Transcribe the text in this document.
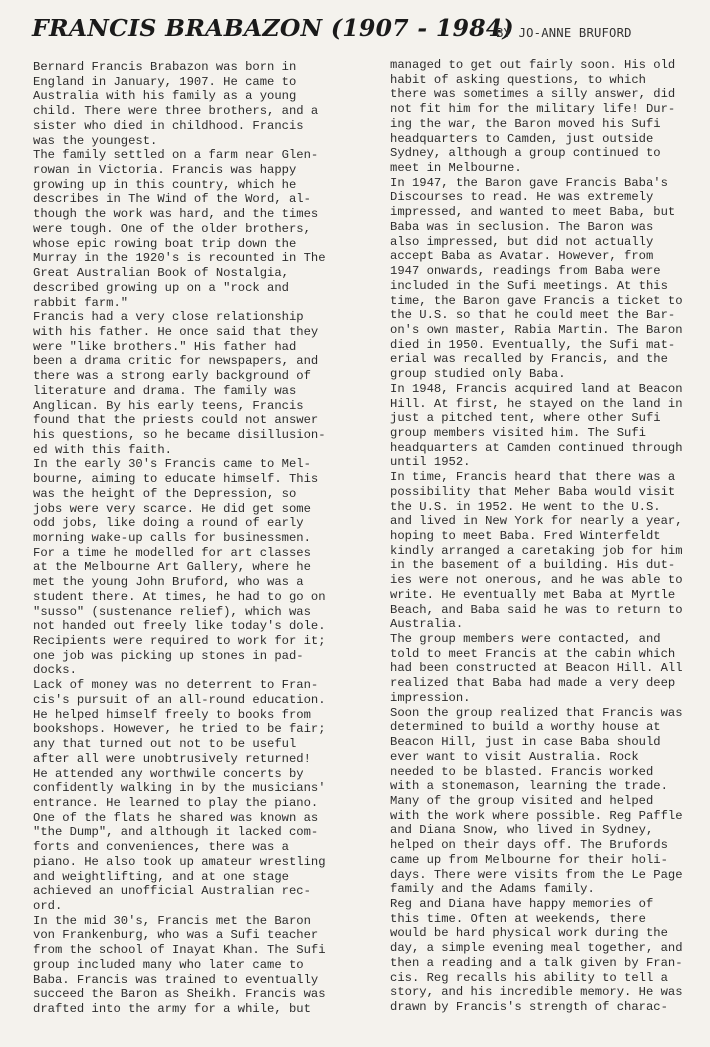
FRANCIS BRABAZON (1907 - 1984)
BY JO-ANNE BRUFORD
Bernard Francis Brabazon was born in
England in January, 1907. He came to
Australia with his family as a young
child. There were three brothers, and a
sister who died in childhood. Francis
was the youngest.
The family settled on a farm near Glen-
rowan in Victoria. Francis was happy
growing up in this country, which he
describes in The Wind of the Word, al-
though the work was hard, and the times
were tough. One of the older brothers,
whose epic rowing boat trip down the
Murray in the 1920's is recounted in The
Great Australian Book of Nostalgia,
described growing up on a "rock and
rabbit farm."
Francis had a very close relationship
with his father. He once said that they
were "like brothers." His father had
been a drama critic for newspapers, and
there was a strong early background of
literature and drama. The family was
Anglican. By his early teens, Francis
found that the priests could not answer
his questions, so he became disillusion-
ed with this faith.
In the early 30's Francis came to Mel-
bourne, aiming to educate himself. This
was the height of the Depression, so
jobs were very scarce. He did get some
odd jobs, like doing a round of early
morning wake-up calls for businessmen.
For a time he modelled for art classes
at the Melbourne Art Gallery, where he
met the young John Bruford, who was a
student there. At times, he had to go on
"susso" (sustenance relief), which was
not handed out freely like today's dole.
Recipients were required to work for it;
one job was picking up stones in pad-
docks.
Lack of money was no deterrent to Fran-
cis's pursuit of an all-round education.
He helped himself freely to books from
bookshops. However, he tried to be fair;
any that turned out not to be useful
after all were unobtrusively returned!
He attended any worthwile concerts by
confidently walking in by the musicians'
entrance. He learned to play the piano.
One of the flats he shared was known as
"the Dump", and although it lacked com-
forts and conveniences, there was a
piano. He also took up amateur wrestling
and weightlifting, and at one stage
achieved an unofficial Australian rec-
ord.
In the mid 30's, Francis met the Baron
von Frankenburg, who was a Sufi teacher
from the school of Inayat Khan. The Sufi
group included many who later came to
Baba. Francis was trained to eventually
succeed the Baron as Sheikh. Francis was
drafted into the army for a while, but
managed to get out fairly soon. His old
habit of asking questions, to which
there was sometimes a silly answer, did
not fit him for the military life! Dur-
ing the war, the Baron moved his Sufi
headquarters to Camden, just outside
Sydney, although a group continued to
meet in Melbourne.
In 1947, the Baron gave Francis Baba's
Discourses to read. He was extremely
impressed, and wanted to meet Baba, but
Baba was in seclusion. The Baron was
also impressed, but did not actually
accept Baba as Avatar. However, from
1947 onwards, readings from Baba were
included in the Sufi meetings. At this
time, the Baron gave Francis a ticket to
the U.S. so that he could meet the Bar-
on's own master, Rabia Martin. The Baron
died in 1950. Eventually, the Sufi mat-
erial was recalled by Francis, and the
group studied only Baba.
In 1948, Francis acquired land at Beacon
Hill. At first, he stayed on the land in
just a pitched tent, where other Sufi
group members visited him. The Sufi
headquarters at Camden continued through
until 1952.
In time, Francis heard that there was a
possibility that Meher Baba would visit
the U.S. in 1952. He went to the U.S.
and lived in New York for nearly a year,
hoping to meet Baba. Fred Winterfeldt
kindly arranged a caretaking job for him
in the basement of a building. His dut-
ies were not onerous, and he was able to
write. He eventually met Baba at Myrtle
Beach, and Baba said he was to return to
Australia.
The group members were contacted, and
told to meet Francis at the cabin which
had been constructed at Beacon Hill. All
realized that Baba had made a very deep
impression.
Soon the group realized that Francis was
determined to build a worthy house at
Beacon Hill, just in case Baba should
ever want to visit Australia. Rock
needed to be blasted. Francis worked
with a stonemason, learning the trade.
Many of the group visited and helped
with the work where possible. Reg Paffle
and Diana Snow, who lived in Sydney,
helped on their days off. The Brufords
came up from Melbourne for their holi-
days. There were visits from the Le Page
family and the Adams family.
Reg and Diana have happy memories of
this time. Often at weekends, there
would be hard physical work during the
day, a simple evening meal together, and
then a reading and a talk given by Fran-
cis. Reg recalls his ability to tell a
story, and his incredible memory. He was
drawn by Francis's strength of charac-
